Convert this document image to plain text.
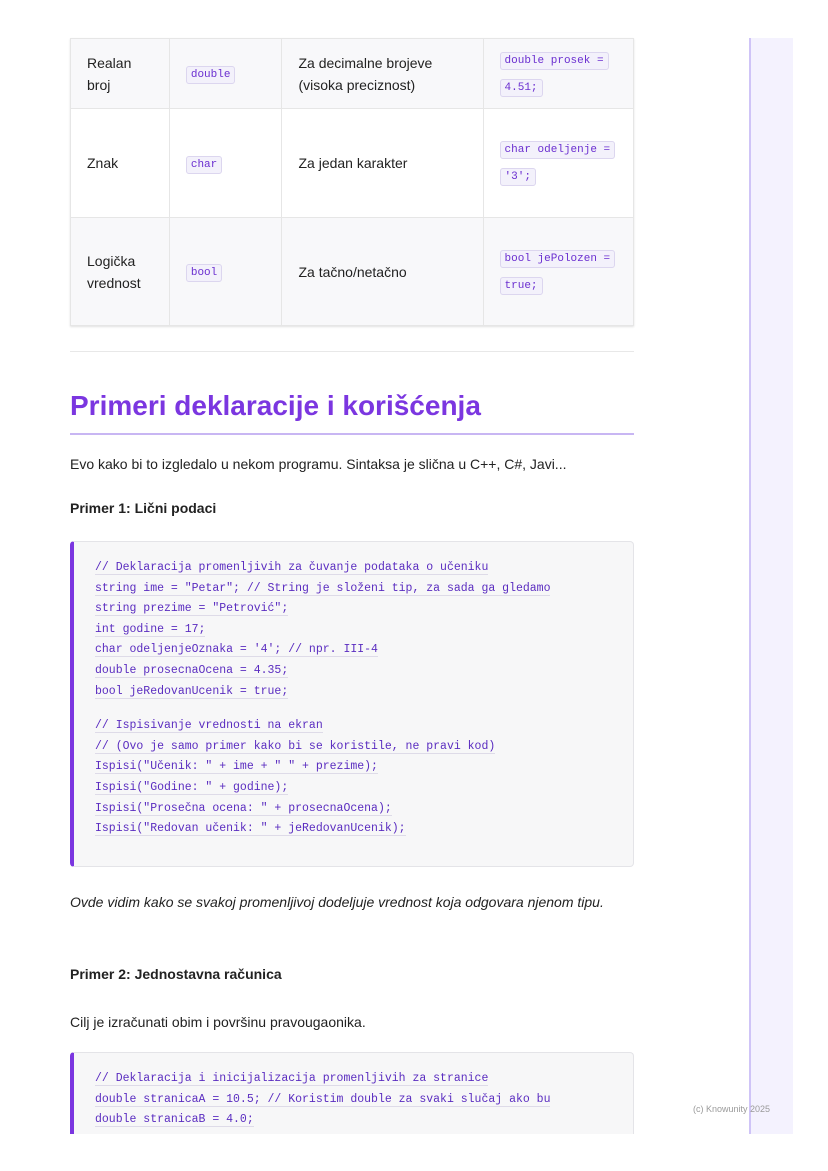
(c) Knowunity 2025
Realan broj	double	Za decimalne brojeve (visoka preciznost)	double prosek = 4.51;
Znak	char	Za jedan karakter	char odeljenje = '3';
Logička vrednost	bool	Za tačno/netačno	bool jePolozen = true;
Primeri deklaracije i korišćenja

Evo kako bi to izgledalo u nekom programu. Sintaksa je slična u C++, C#, Javi...

Primer 1: Lični podaci

// Deklaracija promenljivih za čuvanje podataka o učeniku
string ime = "Petar"; // String je složeni tip, za sada ga gledamo
string prezime = "Petrović";
int godine = 17;
char odeljenjeOznaka = '4'; // npr. III-4
double prosecnaOcena = 4.35;
bool jeRedovanUcenik = true;
// Ispisivanje vrednosti na ekran
// (Ovo je samo primer kako bi se koristile, ne pravi kod)
Ispisi("Učenik: " + ime + " " + prezime);
Ispisi("Godine: " + godine);
Ispisi("Prosečna ocena: " + prosecnaOcena);
Ispisi("Redovan učenik: " + jeRedovanUcenik);

Ovde vidim kako se svakoj promenljivoj dodeljuje vrednost koja odgovara njenom tipu.

Primer 2: Jednostavna računica

Cilj je izračunati obim i površinu pravougaonika.

// Deklaracija i inicijalizacija promenljivih za stranice
double stranicaA = 10.5; // Koristim double za svaki slučaj ako bu
double stranicaB = 4.0;
